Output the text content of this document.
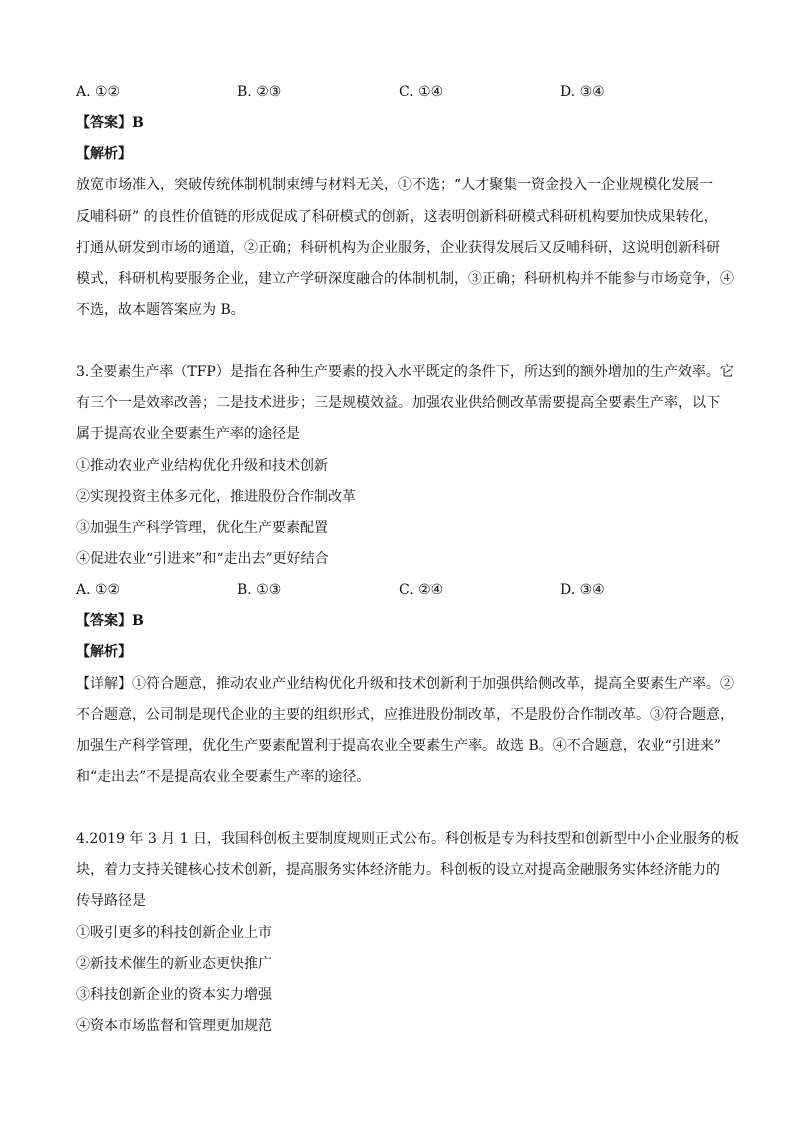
A. ①②	B. ②③	C. ①④	D. ③④
【答案】B
【解析】
放宽市场准入，突破传统体制机制束缚与材料无关，①不选；“人才聚集一资金投入一企业规模化发展一
反哺科研” 的良性价值链的形成促成了科研模式的创新，这表明创新科研模式科研机构要加快成果转化，
打通从研发到市场的通道，②正确；科研机构为企业服务，企业获得发展后又反哺科研，这说明创新科研
模式，科研机构要服务企业，建立产学研深度融合的体制机制，③正确；科研机构并不能参与市场竞争，④
不选，故本题答案应为 B。
3.全要素生产率（TFP）是指在各种生产要素的投入水平既定的条件下，所达到的额外增加的生产效率。它
有三个一是效率改善；二是技术进步；三是规模效益。加强农业供给侧改革需要提高全要素生产率，以下
属于提高农业全要素生产率的途径是
①推动农业产业结构优化升级和技术创新
②实现投资主体多元化，推进股份合作制改革
③加强生产科学管理，优化生产要素配置
④促进农业“引进来”和“走出去”更好结合
A. ①②	B. ①③	C. ②④	D. ③④
【答案】B
【解析】
【详解】①符合题意，推动农业产业结构优化升级和技术创新利于加强供给侧改革，提高全要素生产率。②
不合题意，公司制是现代企业的主要的组织形式，应推进股份制改革，不是股份合作制改革。③符合题意，
加强生产科学管理，优化生产要素配置利于提高农业全要素生产率。故选 B。④不合题意，农业“引进来”
和“走出去”不是提高农业全要素生产率的途径。
4.2019 年 3 月 1 日，我国科创板主要制度规则正式公布。科创板是专为科技型和创新型中小企业服务的板
块，着力支持关键核心技术创新，提高服务实体经济能力。科创板的设立对提高金融服务实体经济能力的
传导路径是
①吸引更多的科技创新企业上市
②新技术催生的新业态更快推广
③科技创新企业的资本实力增强
④资本市场监督和管理更加规范
